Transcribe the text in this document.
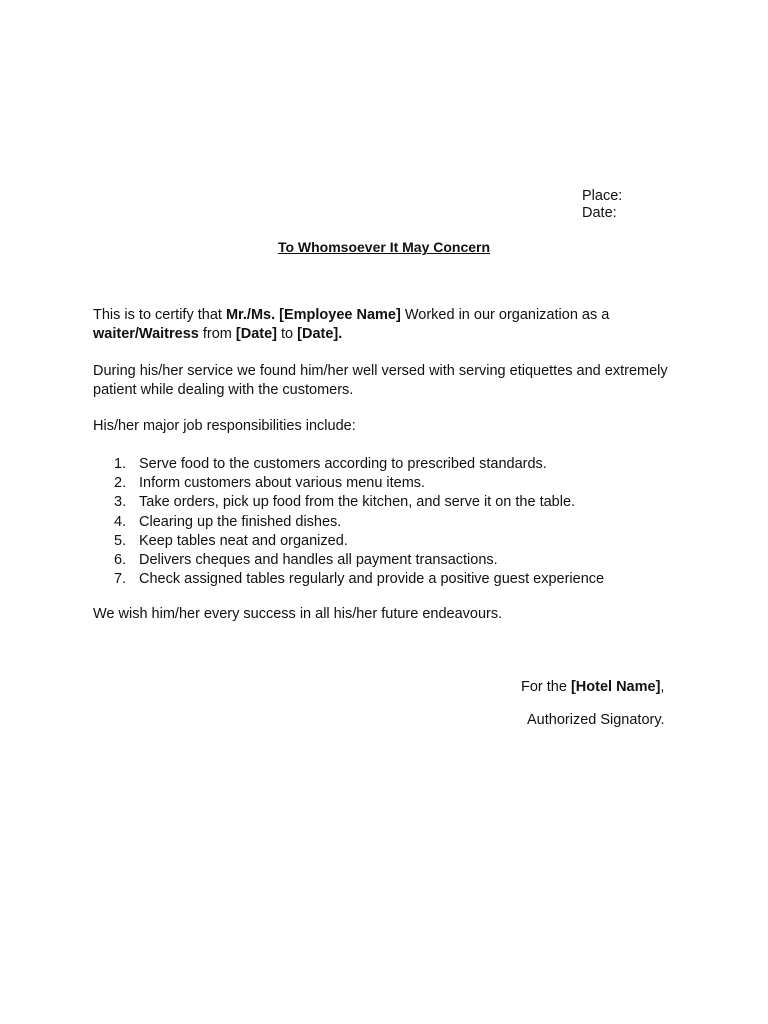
Place:
Date:
To Whomsoever It May Concern

This is to certify that Mr./Ms. [Employee Name] Worked in our organization as a waiter/Waitress from [Date] to [Date].

During his/her service we found him/her well versed with serving etiquettes and extremely patient while dealing with the customers.

His/her major job responsibilities include:

1. Serve food to the customers according to prescribed standards.
2. Inform customers about various menu items.
3. Take orders, pick up food from the kitchen, and serve it on the table.
4. Clearing up the finished dishes.
5. Keep tables neat and organized.
6. Delivers cheques and handles all payment transactions.
7. Check assigned tables regularly and provide a positive guest experience

We wish him/her every success in all his/her future endeavours.

For the [Hotel Name],
Authorized Signatory.
